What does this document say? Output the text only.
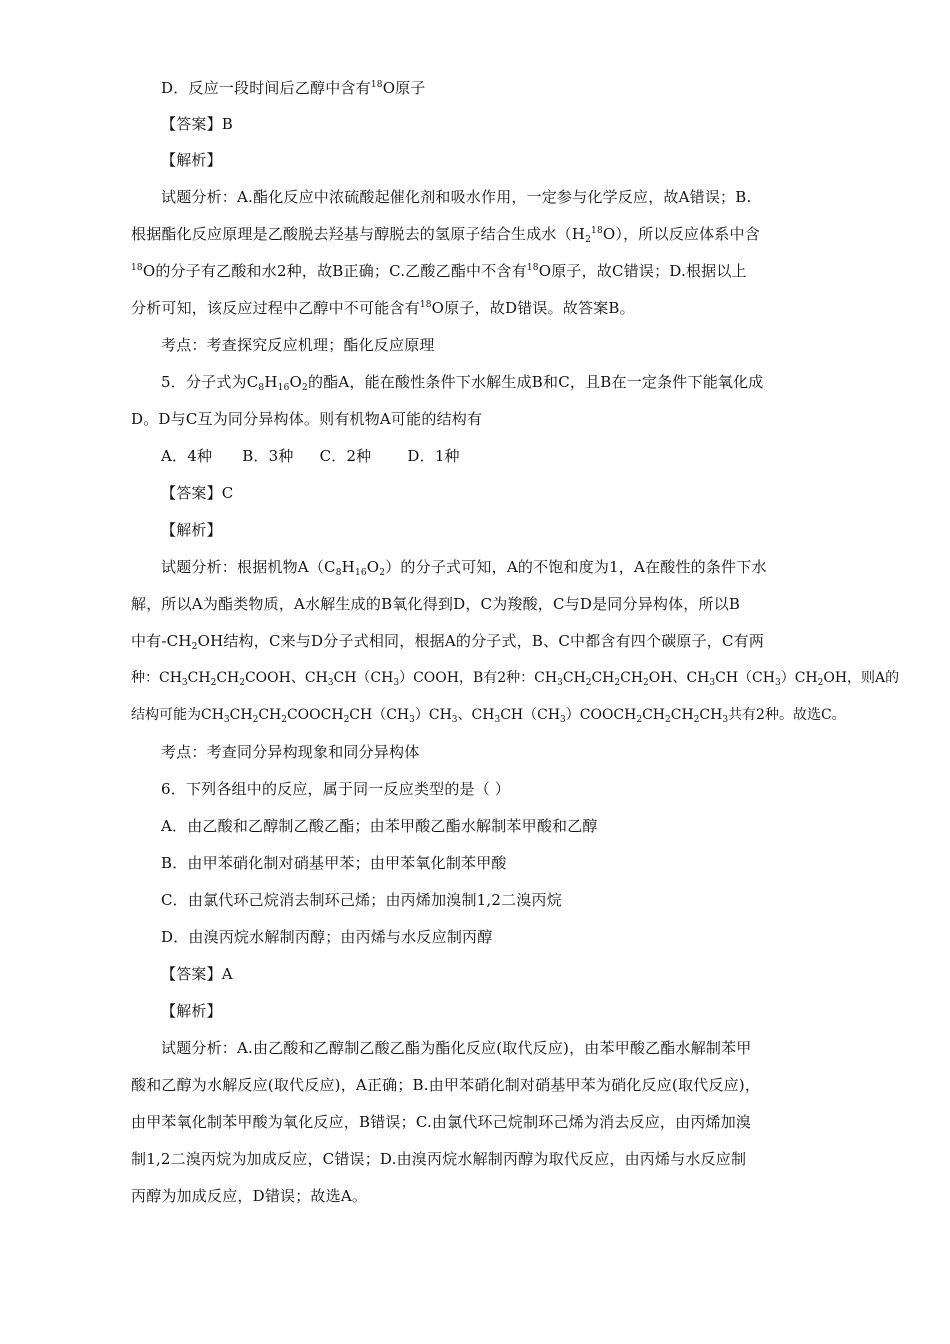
D．反应一段时间后乙醇中含有$^{18}$O原子
【答案】B
【解析】
试题分析：A.酯化反应中浓硫酸起催化剂和吸水作用，一定参与化学反应，故A错误；B.
根据酯化反应原理是乙酸脱去羟基与醇脱去的氢原子结合生成水$(H_2^{18}O)$，所以反应体系中含
$^{18}$O的分子有乙酸和水2种，故B正确；C.乙酸乙酯中不含有$^{18}$O原子，故C错误；D.根据以上
分析可知，该反应过程中乙醇中不可能含有$^{18}$O原子，故D错误。故答案B。
考点：考查探究反应机理；酯化反应原理
5．分子式为$C_8H_{16}O_2$的酯A，能在酸性条件下水解生成B和C，且B在一定条件下能氧化成
D。D与C互为同分异构体。则有机物A可能的结构有
A．4种 B．3种 C．2种 D．1种
【答案】C
【解析】
试题分析：根据机物$A(C_8H_{16}O_2)$的分子式可知，A的不饱和度为1，A在酸性的条件下水
解，所以A为酯类物质，A水解生成的B氧化得到D，C为羧酸，C与D是同分异构体，所以B
中有$-CH_2OH$结构，C来与D分子式相同，根据A的分子式，B、C中都含有四个碳原子，C有两
种：$CH_3CH_2CH_2COOH$、$CH_3CH(CH_3)COOH$，B有2种：$CH_3CH_2CH_2CH_2OH$、$CH_3CH(CH_3)CH_2OH$，则A的
结构可能为$CH_3CH_2CH_2COOCH_2CH(CH_3)CH_3$、$CH_3CH(CH_3)COOCH_2CH_2CH_2CH_3$共有2种。故选C。
考点：考查同分异构现象和同分异构体
6．下列各组中的反应，属于同一反应类型的是（ ）
A．由乙酸和乙醇制乙酸乙酯；由苯甲酸乙酯水解制苯甲酸和乙醇
B．由甲苯硝化制对硝基甲苯；由甲苯氧化制苯甲酸
C．由氯代环己烷消去制环己烯；由丙烯加溴制1,2二溴丙烷
D．由溴丙烷水解制丙醇；由丙烯与水反应制丙醇
【答案】A
【解析】
试题分析：A.由乙酸和乙醇制乙酸乙酯为酯化反应(取代反应)，由苯甲酸乙酯水解制苯甲
酸和乙醇为水解反应(取代反应)，A正确；B.由甲苯硝化制对硝基甲苯为硝化反应(取代反应)，
由甲苯氧化制苯甲酸为氧化反应，B错误；C.由氯代环己烷制环己烯为消去反应，由丙烯加溴
制1,2二溴丙烷为加成反应，C错误；D.由溴丙烷水解制丙醇为取代反应，由丙烯与水反应制
丙醇为加成反应，D错误；故选A。
